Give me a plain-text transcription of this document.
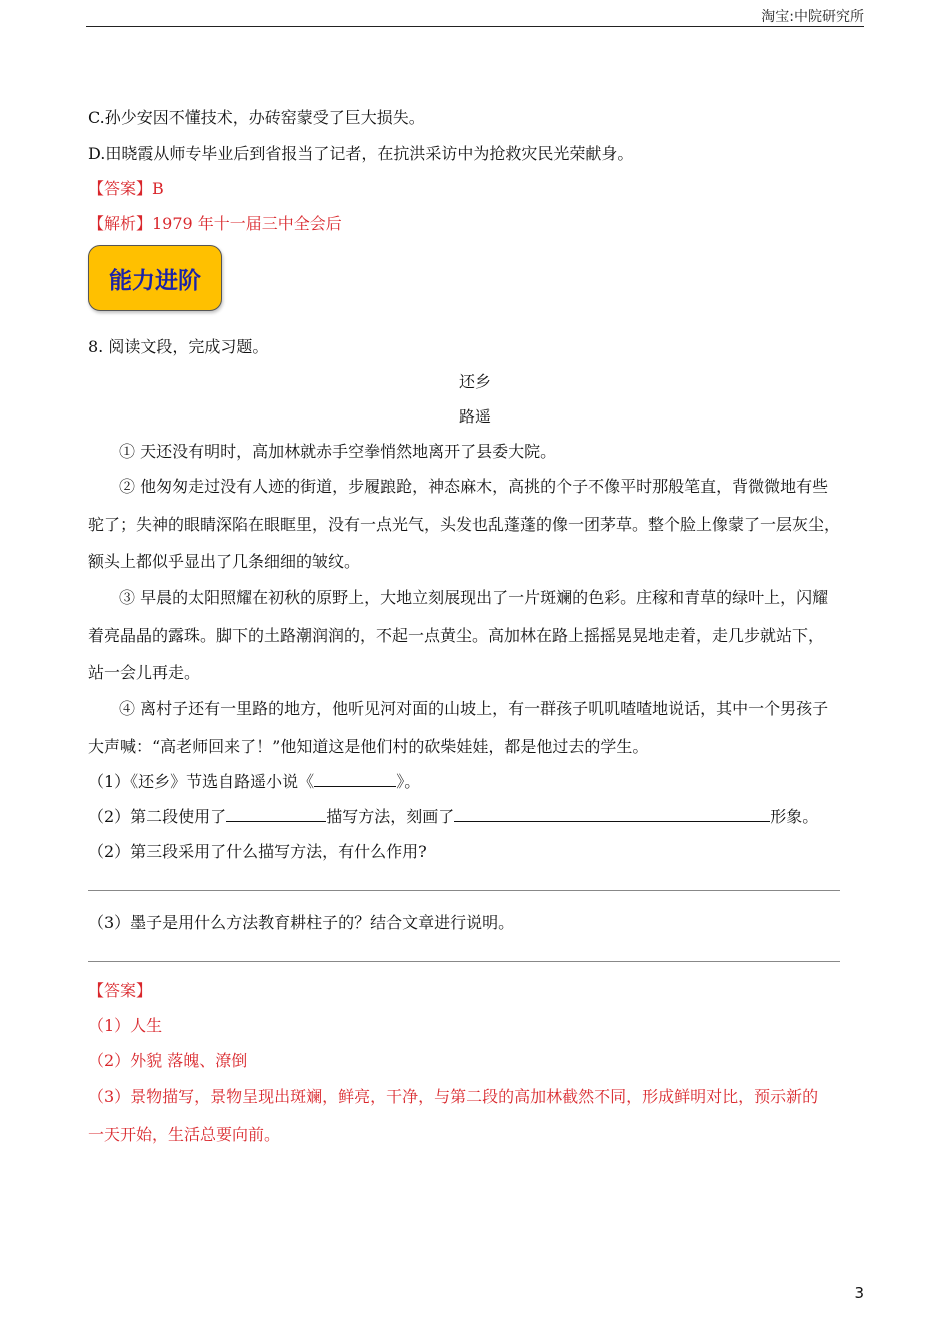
淘宝:中院研究所
C.孙少安因不懂技术，办砖窑蒙受了巨大损失。
D.田晓霞从师专毕业后到省报当了记者，在抗洪采访中为抢救灾民光荣献身。
【答案】B
【解析】1979 年十一届三中全会后
能力进阶
8. 阅读文段，完成习题。
还乡
路遥
① 天还没有明时，高加林就赤手空拳悄然地离开了县委大院。
② 他匆匆走过没有人迹的街道，步履踉跄，神态麻木，高挑的个子不像平时那般笔直，背微微地有些
驼了；失神的眼睛深陷在眼眶里，没有一点光气，头发也乱蓬蓬的像一团茅草。整个脸上像蒙了一层灰尘，
额头上都似乎显出了几条细细的皱纹。
③ 早晨的太阳照耀在初秋的原野上，大地立刻展现出了一片斑斓的色彩。庄稼和青草的绿叶上，闪耀
着亮晶晶的露珠。脚下的土路潮润润的，不起一点黄尘。高加林在路上摇摇晃晃地走着，走几步就站下，
站一会儿再走。
④ 离村子还有一里路的地方，他听见河对面的山坡上，有一群孩子叽叽喳喳地说话，其中一个男孩子
大声喊：“高老师回来了！”他知道这是他们村的砍柴娃娃，都是他过去的学生。
（1）《还乡》节选自路遥小说《	》。
（2）第二段使用了	描写方法，刻画了	形象。
（2）第三段采用了什么描写方法，有什么作用?
（3）墨子是用什么方法教育耕柱子的？结合文章进行说明。
【答案】
（1）人生
（2）外貌 落魄、潦倒
（3）景物描写，景物呈现出斑斓，鲜亮，干净，与第二段的高加林截然不同，形成鲜明对比，预示新的
一天开始，生活总要向前。
3
